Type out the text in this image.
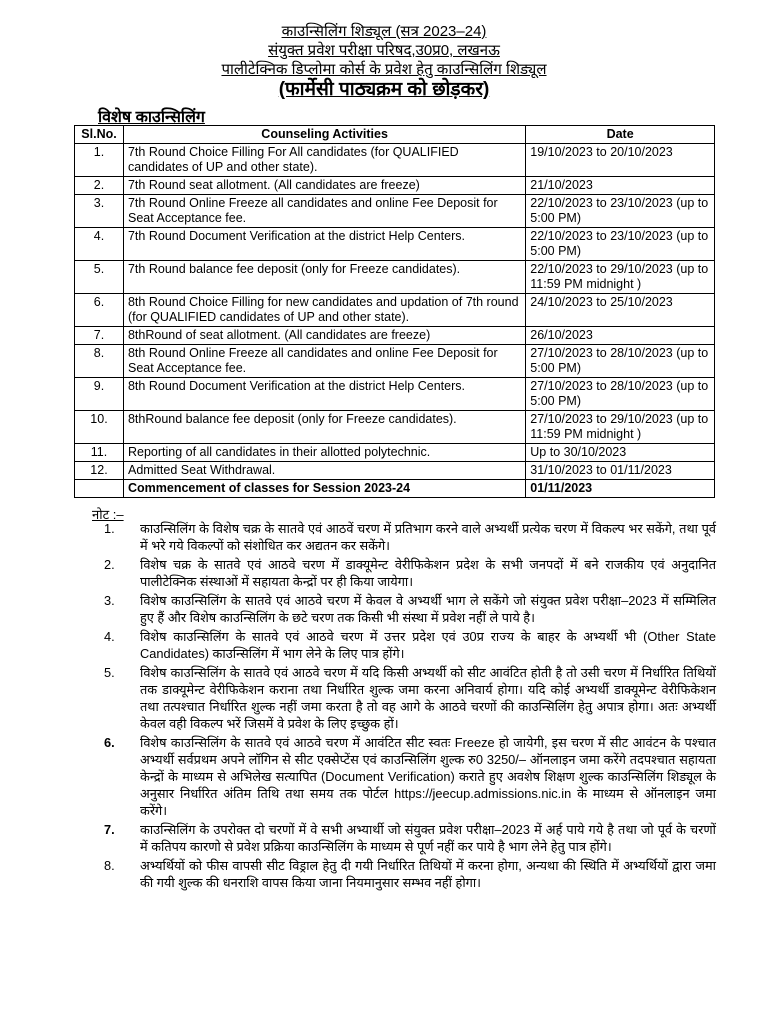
काउन्सिलिंग शिड्यूल (सत्र 2023–24)
संयुक्त प्रवेश परीक्षा परिषद,उ0प्र0, लखनऊ
पालीटेक्निक डिप्लोमा कोर्स के प्रवेश हेतु काउन्सिलिंग शिड्यूल
(फार्मेसी पाठ्यक्रम को छोड़कर)
विशेष काउन्सिलिंग
Sl.No.	Counseling Activities	Date
1.	7th Round Choice Filling For All candidates (for QUALIFIED candidates of UP and other state).	19/10/2023 to 20/10/2023
2.	7th Round seat allotment. (All candidates are freeze)	21/10/2023
3.	7th Round Online Freeze all candidates and online Fee Deposit for Seat Acceptance fee.	22/10/2023 to 23/10/2023 (up to 5:00 PM)
4.	7th Round Document Verification at the district Help Centers.	22/10/2023 to 23/10/2023 (up to 5:00 PM)
5.	7th Round balance fee deposit (only for Freeze candidates).	22/10/2023 to 29/10/2023 (up to 11:59 PM midnight )
6.	8th Round Choice Filling for new candidates and updation of 7th round (for QUALIFIED candidates of UP and other state).	24/10/2023 to 25/10/2023
7.	8thRound of seat allotment. (All candidates are freeze)	26/10/2023
8.	8th Round Online Freeze all candidates and online Fee Deposit for Seat Acceptance fee.	27/10/2023 to 28/10/2023 (up to 5:00 PM)
9.	8th Round Document Verification at the district Help Centers.	27/10/2023 to 28/10/2023 (up to 5:00 PM)
10.	8thRound balance fee deposit (only for Freeze candidates).	27/10/2023 to 29/10/2023 (up to 11:59 PM midnight )
11.	Reporting of all candidates in their allotted polytechnic.	Up to 30/10/2023
12.	Admitted Seat Withdrawal.	31/10/2023 to 01/11/2023
	Commencement of classes for Session 2023-24	01/11/2023
नोट :–
1.	काउन्सिलिंग के विशेष चक्र के सातवे एवं आठवें चरण में प्रतिभाग करने वाले अभ्यर्थी प्रत्येक चरण में विकल्प भर सकेंगे, तथा पूर्व में भरे गये विकल्पों को संशोधित कर अद्यतन कर सकेंगे।
2.	विशेष चक्र के सातवे एवं आठवे चरण में डाक्यूमेन्ट वेरीफिकेशन प्रदेश के सभी जनपदों में बने राजकीय एवं अनुदानित पालीटेक्निक संस्थाओं में सहायता केन्द्रों पर ही किया जायेगा।
3.	विशेष काउन्सिलिंग के सातवे एवं आठवे चरण में केवल वे अभ्यर्थी भाग ले सकेंगे जो संयुक्त प्रवेश परीक्षा–2023 में सम्मिलित हुए हैं और विशेष काउन्सिलिंग के छटे चरण तक किसी भी संस्था में प्रवेश नहीं ले पाये है।
4.	विशेष काउन्सिलिंग के सातवे एवं आठवे चरण में उत्तर प्रदेश एवं उ0प्र राज्य के बाहर के अभ्यर्थी भी (Other State Candidates) काउन्सिलिंग में भाग लेने के लिए पात्र होंगे।
5.	विशेष काउन्सिलिंग के सातवे एवं आठवे चरण में यदि किसी अभ्यर्थी को सीट आवंटित होती है तो उसी चरण में निर्धारित तिथियों तक डाक्यूमेन्ट वेरीफिकेशन कराना तथा निर्धारित शुल्क जमा करना अनिवार्य होगा। यदि कोई अभ्यर्थी डाक्यूमेन्ट वेरीफिकेशन तथा तत्पश्चात निर्धारित शुल्क नहीं जमा करता है तो वह आगे के आठवे चरणों की काउन्सिलिंग हेतु अपात्र होगा। अतः अभ्यर्थी केवल वही विकल्प भरें जिसमें वे प्रवेश के लिए इच्छुक हों।
6.	विशेष काउन्सिलिंग के सातवे एवं आठवे चरण में आवंटित सीट स्वतः Freeze हो जायेगी, इस चरण में सीट आवंटन के पश्चात अभ्यर्थी सर्वप्रथम अपने लॉगिन से सीट एक्सेप्टेंस एवं काउन्सिलिंग शुल्क रु0 3250/– ऑनलाइन जमा करेंगे तदपश्चात सहायता केन्द्रों के माध्यम से अभिलेख सत्यापित (Document Verification) कराते हुए अवशेष शिक्षण शुल्क काउन्सिलिंग शिड्यूल के अनुसार निर्धारित अंतिम तिथि तथा समय तक पोर्टल https://jeecup.admissions.nic.in के माध्यम से ऑनलाइन जमा करेंगे।
7.	काउन्सिलिंग के उपरोक्त दो चरणों में वे सभी अभ्यार्थी जो संयुक्त प्रवेश परीक्षा–2023 में अर्ह पाये गये है तथा जो पूर्व के चरणों में कतिपय कारणो से प्रवेश प्रक्रिया काउन्सिलिंग के माध्यम से पूर्ण नहीं कर पाये है भाग लेने हेतु पात्र होंगे।
8.	अभ्यर्थियों को फीस वापसी सीट विड्राल हेतु दी गयी निर्धारित तिथियों में करना होगा, अन्यथा की स्थिति में अभ्यर्थियों द्वारा जमा की गयी शुल्क की धनराशि वापस किया जाना नियमानुसार सम्भव नहीं होगा।
